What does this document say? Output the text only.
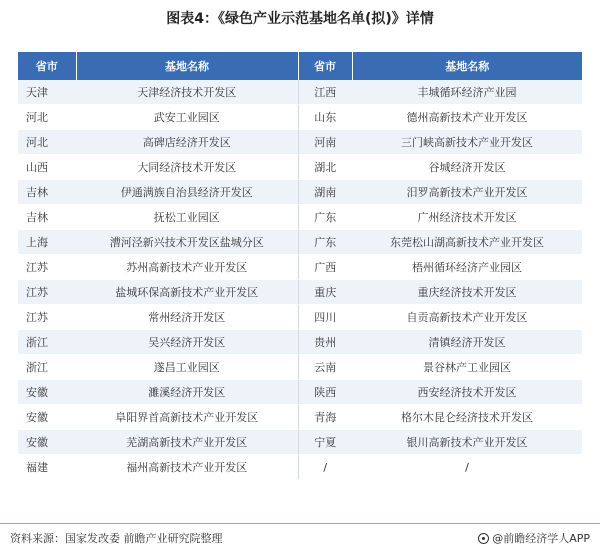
图表4：《绿色产业示范基地名单(拟)》详情
省市	基地名称	省市	基地名称
天津	天津经济技术开发区	江西	丰城循环经济产业园
河北	武安工业园区	山东	德州高新技术产业开发区
河北	高碑店经济开发区	河南	三门峡高新技术产业开发区
山西	大同经济技术开发区	湖北	谷城经济开发区
吉林	伊通满族自治县经济开发区	湖南	汨罗高新技术产业开发区
吉林	抚松工业园区	广东	广州经济技术开发区
上海	漕河泾新兴技术开发区盐城分区	广东	东莞松山湖高新技术产业开发区
江苏	苏州高新技术产业开发区	广西	梧州循环经济产业园区
江苏	盐城环保高新技术产业开发区	重庆	重庆经济技术开发区
江苏	常州经济开发区	四川	自贡高新技术产业开发区
浙江	吴兴经济开发区	贵州	清镇经济开发区
浙江	遂昌工业园区	云南	景谷林产工业园区
安徽	濉溪经济开发区	陕西	西安经济技术开发区
安徽	阜阳界首高新技术产业开发区	青海	格尔木昆仑经济技术开发区
安徽	芜湖高新技术产业开发区	宁夏	银川高新技术产业开发区
福建	福州高新技术产业开发区	/	/
资料来源：国家发改委 前瞻产业研究院整理	@前瞻经济学人APP
